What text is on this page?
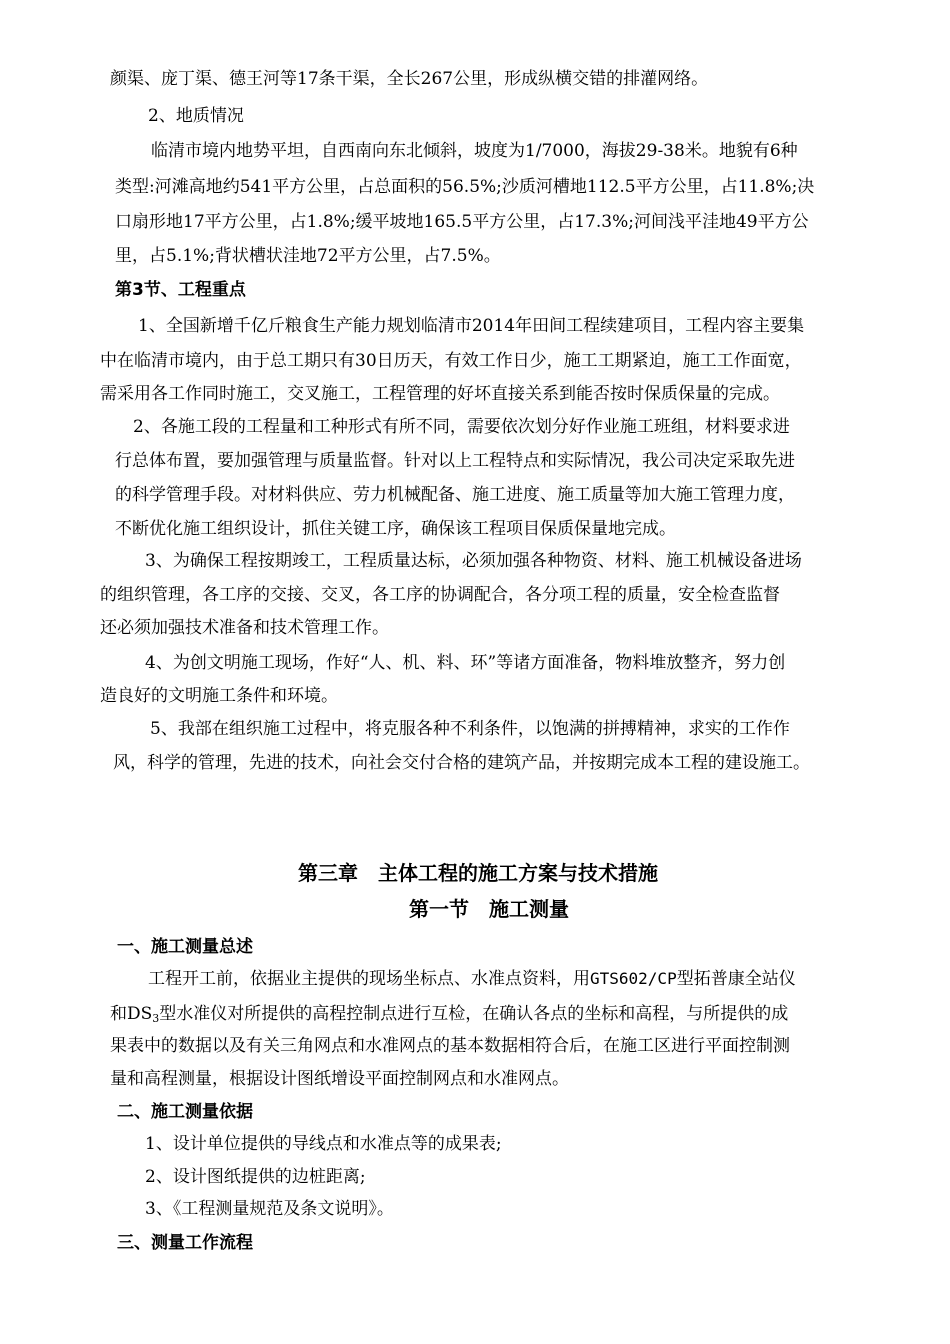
颜渠、庞丁渠、德王河等17条干渠，全长267公里，形成纵横交错的排灌网络。
2、地质情况
临清市境内地势平坦，自西南向东北倾斜，坡度为1/7000，海拔29-38米。地貌有6种
类型:河滩高地约541平方公里，占总面积的56.5%;沙质河槽地112.5平方公里，占11.8%;决
口扇形地17平方公里，占1.8%;缓平坡地165.5平方公里，占17.3%;河间浅平洼地49平方公
里，占5.1%;背状槽状洼地72平方公里，占7.5%。
第3节、工程重点
1、全国新增千亿斤粮食生产能力规划临清市2014年田间工程续建项目，工程内容主要集
中在临清市境内，由于总工期只有30日历天，有效工作日少，施工工期紧迫，施工工作面宽，
需采用各工作同时施工，交叉施工，工程管理的好坏直接关系到能否按时保质保量的完成。
2、各施工段的工程量和工种形式有所不同，需要依次划分好作业施工班组，材料要求进
行总体布置，要加强管理与质量监督。针对以上工程特点和实际情况，我公司决定采取先进
的科学管理手段。对材料供应、劳力机械配备、施工进度、施工质量等加大施工管理力度，
不断优化施工组织设计，抓住关键工序，确保该工程项目保质保量地完成。
3、为确保工程按期竣工，工程质量达标，必须加强各种物资、材料、施工机械设备进场
的组织管理，各工序的交接、交叉，各工序的协调配合，各分项工程的质量，安全检查监督
还必须加强技术准备和技术管理工作。
4、为创文明施工现场，作好“人、机、料、环”等诸方面准备，物料堆放整齐，努力创
造良好的文明施工条件和环境。
5、我部在组织施工过程中，将克服各种不利条件，以饱满的拼搏精神，求实的工作作
风，科学的管理，先进的技术，向社会交付合格的建筑产品，并按期完成本工程的建设施工。
第三章　主体工程的施工方案与技术措施
第一节　施工测量
一、施工测量总述
工程开工前，依据业主提供的现场坐标点、水准点资料，用GTS602/CP型拓普康全站仪
和$DS_3$型水准仪对所提供的高程控制点进行互检，在确认各点的坐标和高程，与所提供的成
果表中的数据以及有关三角网点和水准网点的基本数据相符合后，在施工区进行平面控制测
量和高程测量，根据设计图纸增设平面控制网点和水准网点。
二、施工测量依据
1、设计单位提供的导线点和水准点等的成果表;
2、设计图纸提供的边桩距离;
3、《工程测量规范及条文说明》。
三、测量工作流程
